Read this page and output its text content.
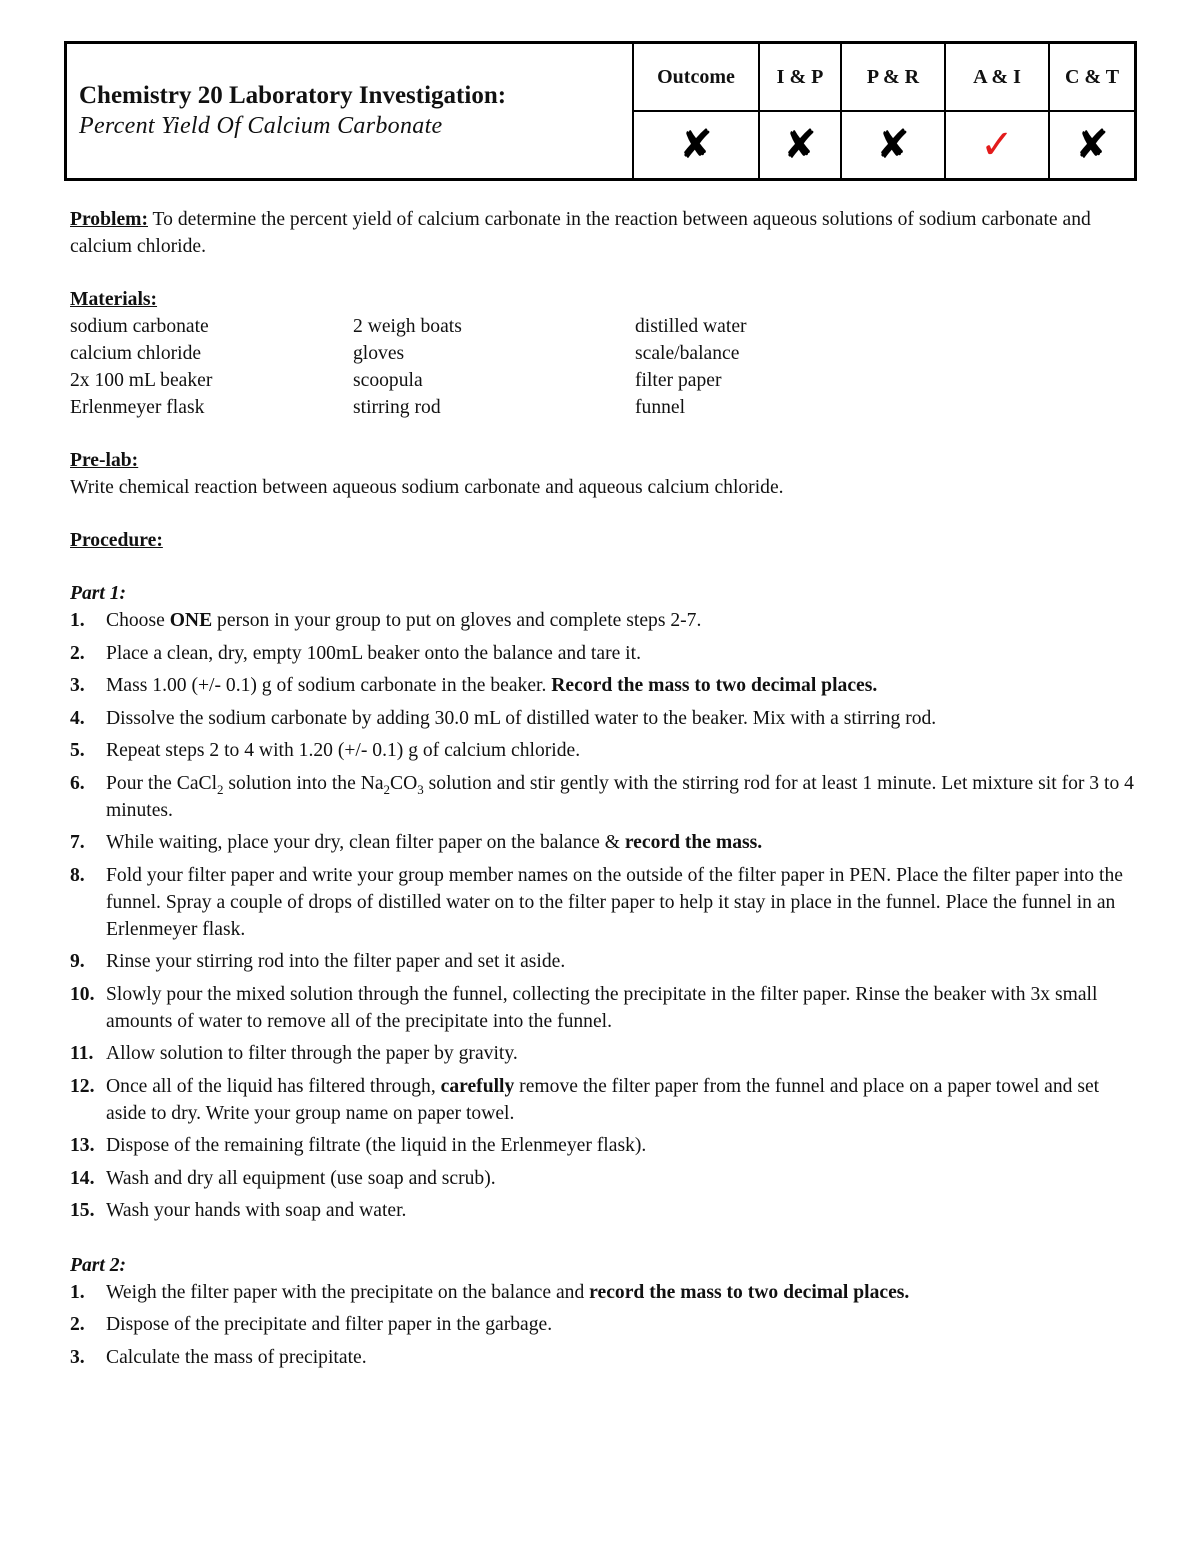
Chemistry 20 Laboratory Investigation:
Percent Yield Of Calcium Carbonate	Outcome	I & P	P & R	A & I	C & T
	✘	✘	✘	✓	✘

Problem: To determine the percent yield of calcium carbonate in the reaction between aqueous solutions of sodium carbonate and calcium chloride.

Materials:
sodium carbonate	2 weigh boats	distilled water
calcium chloride	gloves	scale/balance
2x 100 mL beaker	scoopula	filter paper
Erlenmeyer flask	stirring rod	funnel
Pre-lab:
Write chemical reaction between aqueous sodium carbonate and aqueous calcium chloride.
Procedure:
Part 1:
1. Choose ONE person in your group to put on gloves and complete steps 2-7.
2. Place a clean, dry, empty 100mL beaker onto the balance and tare it.
3. Mass 1.00 (+/- 0.1) g of sodium carbonate in the beaker. Record the mass to two decimal places.
4. Dissolve the sodium carbonate by adding 30.0 mL of distilled water to the beaker. Mix with a stirring rod.
5. Repeat steps 2 to 4 with 1.20 (+/- 0.1) g of calcium chloride.
6. Pour the CaCl$_2$ solution into the $Na_2CO_3$ solution and stir gently with the stirring rod for at least 1 minute. Let mixture sit for 3 to 4 minutes.
7. While waiting, place your dry, clean filter paper on the balance & record the mass.
8. Fold your filter paper and write your group member names on the outside of the filter paper in PEN. Place the filter paper into the funnel. Spray a couple of drops of distilled water on to the filter paper to help it stay in place in the funnel. Place the funnel in an Erlenmeyer flask.
9. Rinse your stirring rod into the filter paper and set it aside.
10. Slowly pour the mixed solution through the funnel, collecting the precipitate in the filter paper. Rinse the beaker with 3x small amounts of water to remove all of the precipitate into the funnel.
11. Allow solution to filter through the paper by gravity.
12. Once all of the liquid has filtered through, carefully remove the filter paper from the funnel and place on a paper towel and set aside to dry. Write your group name on paper towel.
13. Dispose of the remaining filtrate (the liquid in the Erlenmeyer flask).
14. Wash and dry all equipment (use soap and scrub).
15. Wash your hands with soap and water.
Part 2:
1. Weigh the filter paper with the precipitate on the balance and record the mass to two decimal places.
2. Dispose of the precipitate and filter paper in the garbage.
3. Calculate the mass of precipitate.
